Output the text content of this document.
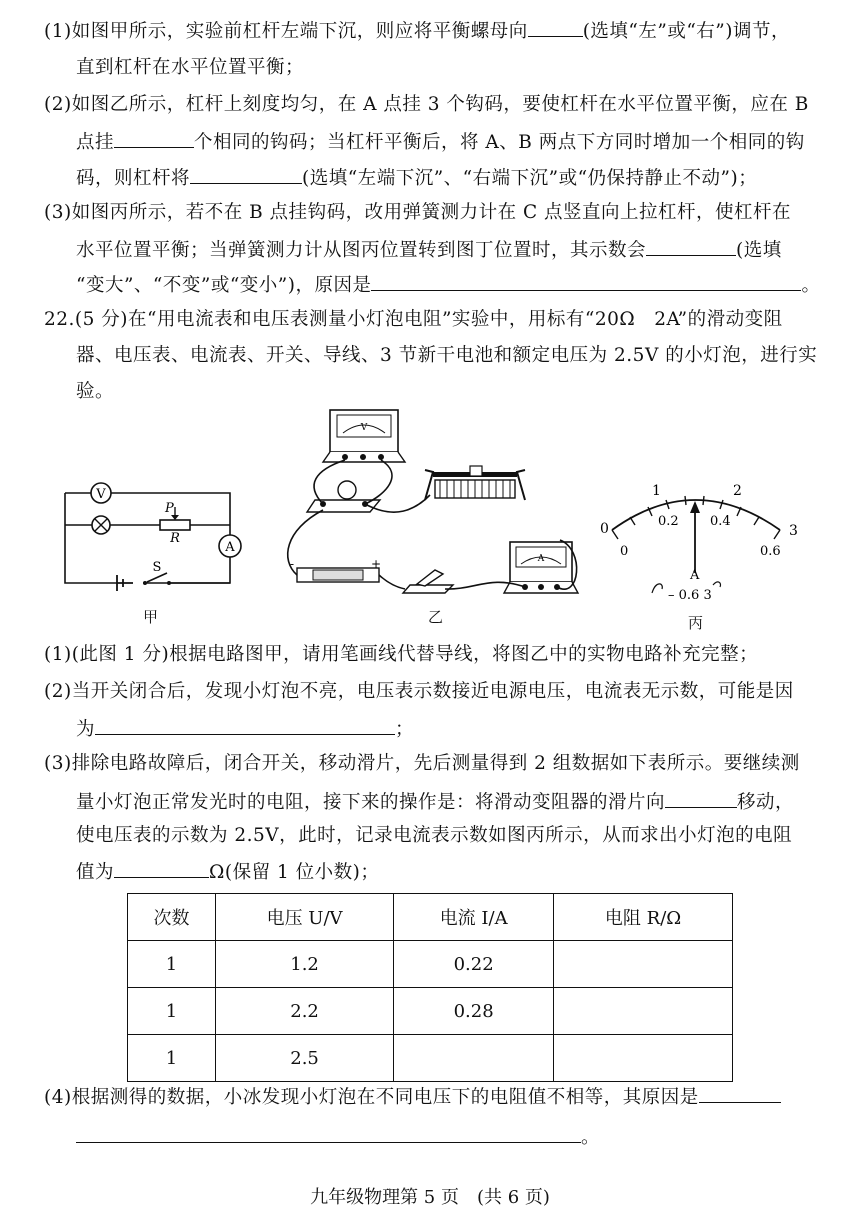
(1)如图甲所示，实验前杠杆左端下沉，则应将平衡螺母向	(选填“左”或“右”)调节，
直到杠杆在水平位置平衡；
(2)如图乙所示，杠杆上刻度均匀，在 A 点挂 3 个钩码，要使杠杆在水平位置平衡，应在 B
点挂	个相同的钩码；当杠杆平衡后，将 A、B 两点下方同时增加一个相同的钩
码，则杠杆将	(选填“左端下沉”、“右端下沉”或“仍保持静止不动”)；
(3)如图丙所示，若不在 B 点挂钩码，改用弹簧测力计在 C 点竖直向上拉杠杆，使杠杆在
水平位置平衡；当弹簧测力计从图丙位置转到图丁位置时，其示数会	(选填
“变大”、“不变”或“变小”)，原因是	。
22.(5 分)在“用电流表和电压表测量小灯泡电阻”实验中，用标有“20Ω　2A”的滑动变阻
器、电压表、电流表、开关、导线、3 节新干电池和额定电压为 2.5V 的小灯泡，进行实
验。
V
P
R
A
S
甲
V
-	+	A
乙
0
1	2
3
0
0.2 0.4
0.6
A
– 0.6 3
丙
(1)(此图 1 分)根据电路图甲，请用笔画线代替导线，将图乙中的实物电路补充完整；
(2)当开关闭合后，发现小灯泡不亮，电压表示数接近电源电压，电流表无示数，可能是因
为	；
(3)排除电路故障后，闭合开关，移动滑片，先后测量得到 2 组数据如下表所示。要继续测
量小灯泡正常发光时的电阻，接下来的操作是：将滑动变阻器的滑片向	移动，
使电压表的示数为 2.5V，此时，记录电流表示数如图丙所示，从而求出小灯泡的电阻
值为	Ω(保留 1 位小数)；
次数	电压 U/V	电流 I/A	电阻 R/Ω
1	1.2	0.22	
1	2.2	0.28	
1	2.5		
(4)根据测得的数据，小冰发现小灯泡在不同电压下的电阻值不相等，其原因是
。
九年级物理第 5 页　(共 6 页)
